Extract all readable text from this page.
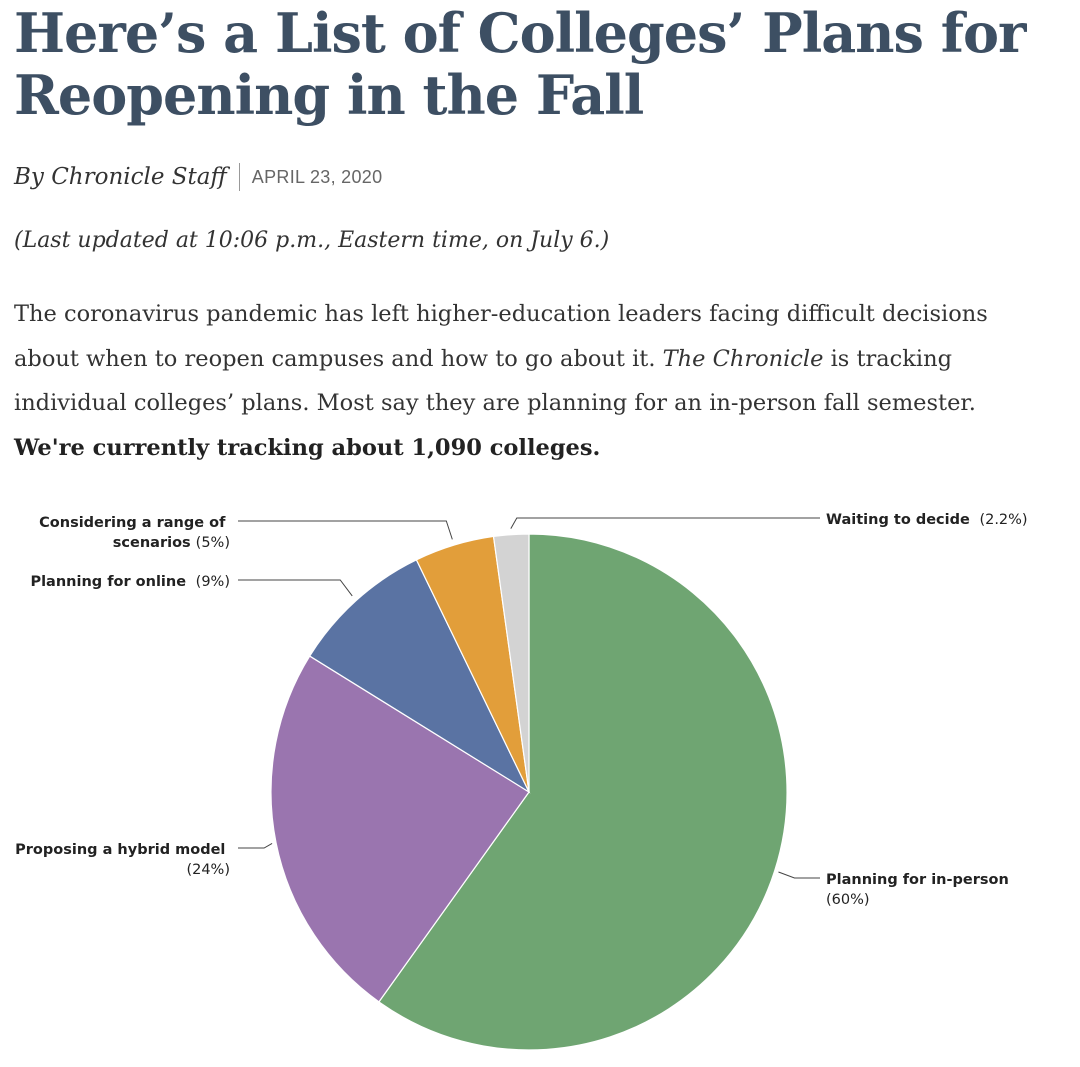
Here’s a List of Colleges’ Plans for Reopening in the Fall
By Chronicle Staff APRIL 23, 2020
(Last updated at 10:06 p.m., Eastern time, on July 6.)

The coronavirus pandemic has left higher-education leaders facing difficult decisions about when to reopen campuses and how to go about it. The Chronicle is tracking individual colleges’ plans. Most say they are planning for an in-person fall semester. We're currently tracking about 1,090 colleges.

Planning for in-person (60%)
Proposing a hybrid model (24%)
Planning for online (9%)
Considering a range of scenarios (5%)
Waiting to decide (2.2%)
